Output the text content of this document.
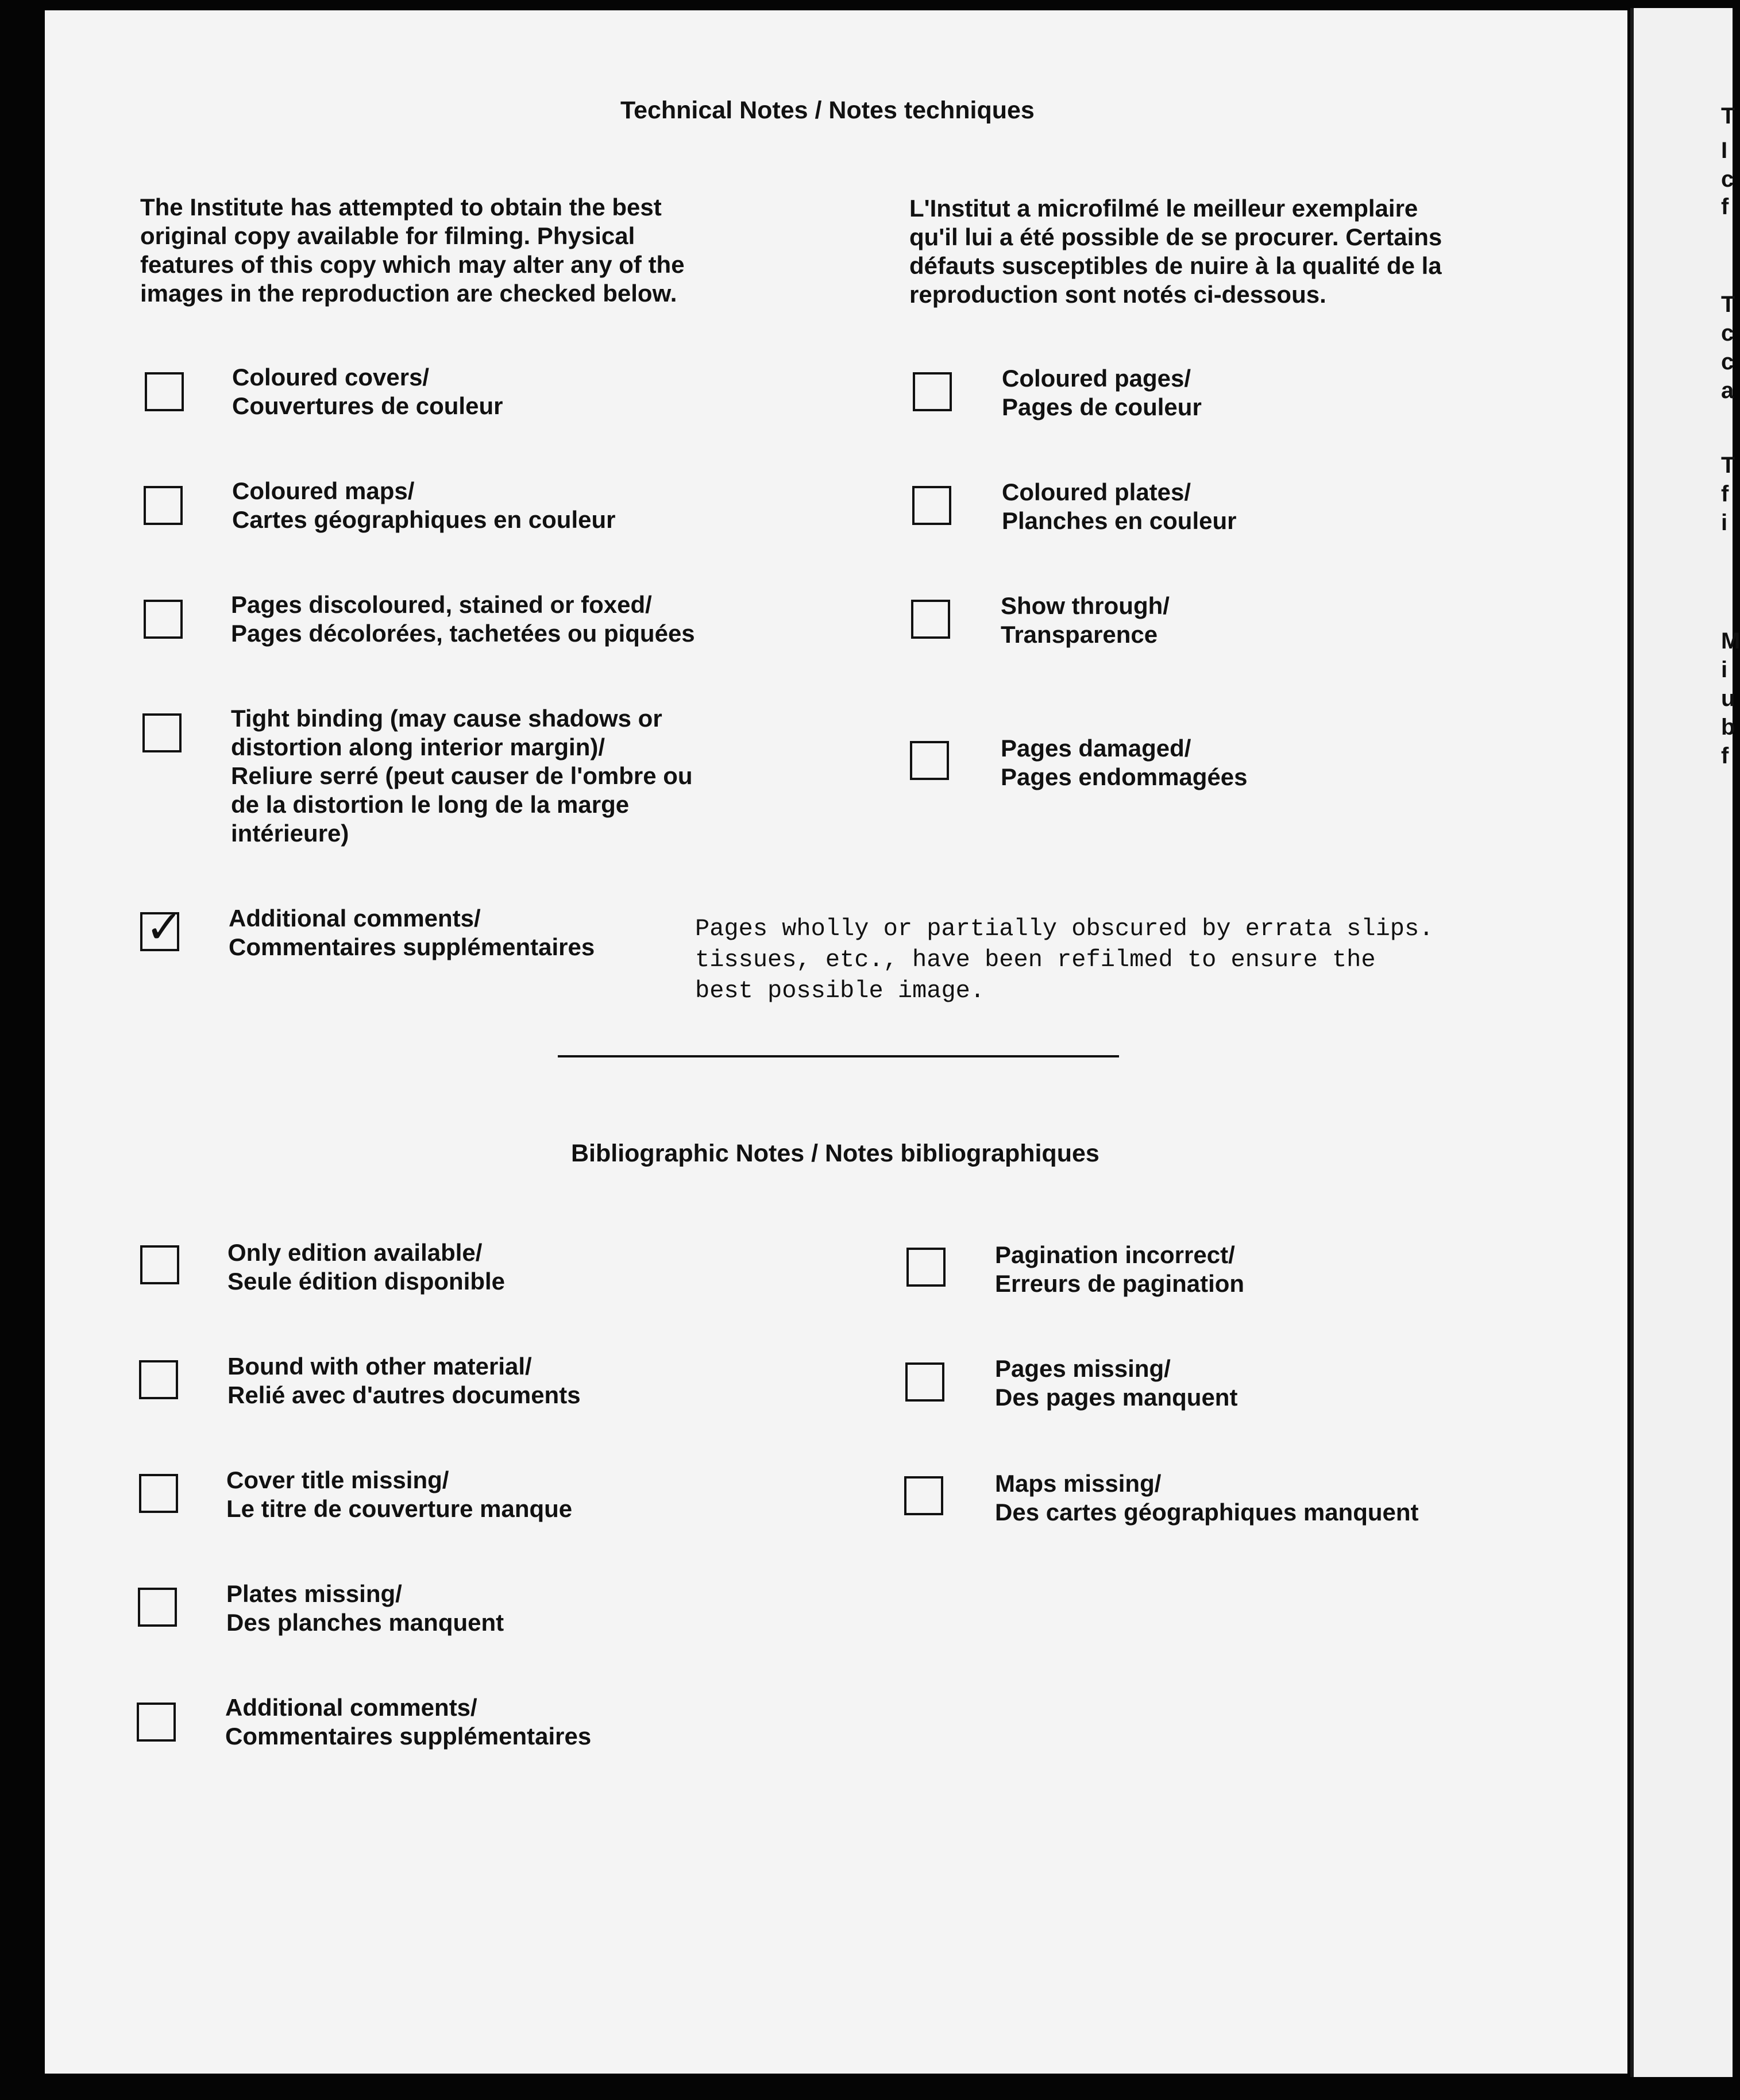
Technical Notes / Notes techniques
The Institute has attempted to obtain the best
original copy available for filming. Physical
features of this copy which may alter any of the
images in the reproduction are checked below.
L'Institut a microfilmé le meilleur exemplaire
qu'il lui a été possible de se procurer. Certains
défauts susceptibles de nuire à la qualité de la
reproduction sont notés ci-dessous.
Coloured covers/
Couvertures de couleur
Coloured pages/
Pages de couleur
Coloured maps/
Cartes géographiques en couleur
Coloured plates/
Planches en couleur
Pages discoloured, stained or foxed/
Pages décolorées, tachetées ou piquées
Show through/
Transparence
Tight binding (may cause shadows or
distortion along interior margin)/
Reliure serré (peut causer de l'ombre ou
de la distortion le long de la marge
intérieure)
Pages damaged/
Pages endommagées
✓ Additional comments/
Commentaires supplémentaires
Pages wholly or partially obscured by errata slips.
tissues, etc., have been refilmed to ensure the
best possible image.
Bibliographic Notes / Notes bibliographiques
Only edition available/
Seule édition disponible
Pagination incorrect/
Erreurs de pagination
Bound with other material/
Relié avec d'autres documents
Pages missing/
Des pages manquent
Cover title missing/
Le titre de couverture manque
Maps missing/
Des cartes géographiques manquent
Plates missing/
Des planches manquent
Additional comments/
Commentaires supplémentaires
T
I
c
f
T
c
c
a
T
f
i
M
i
u
b
f
